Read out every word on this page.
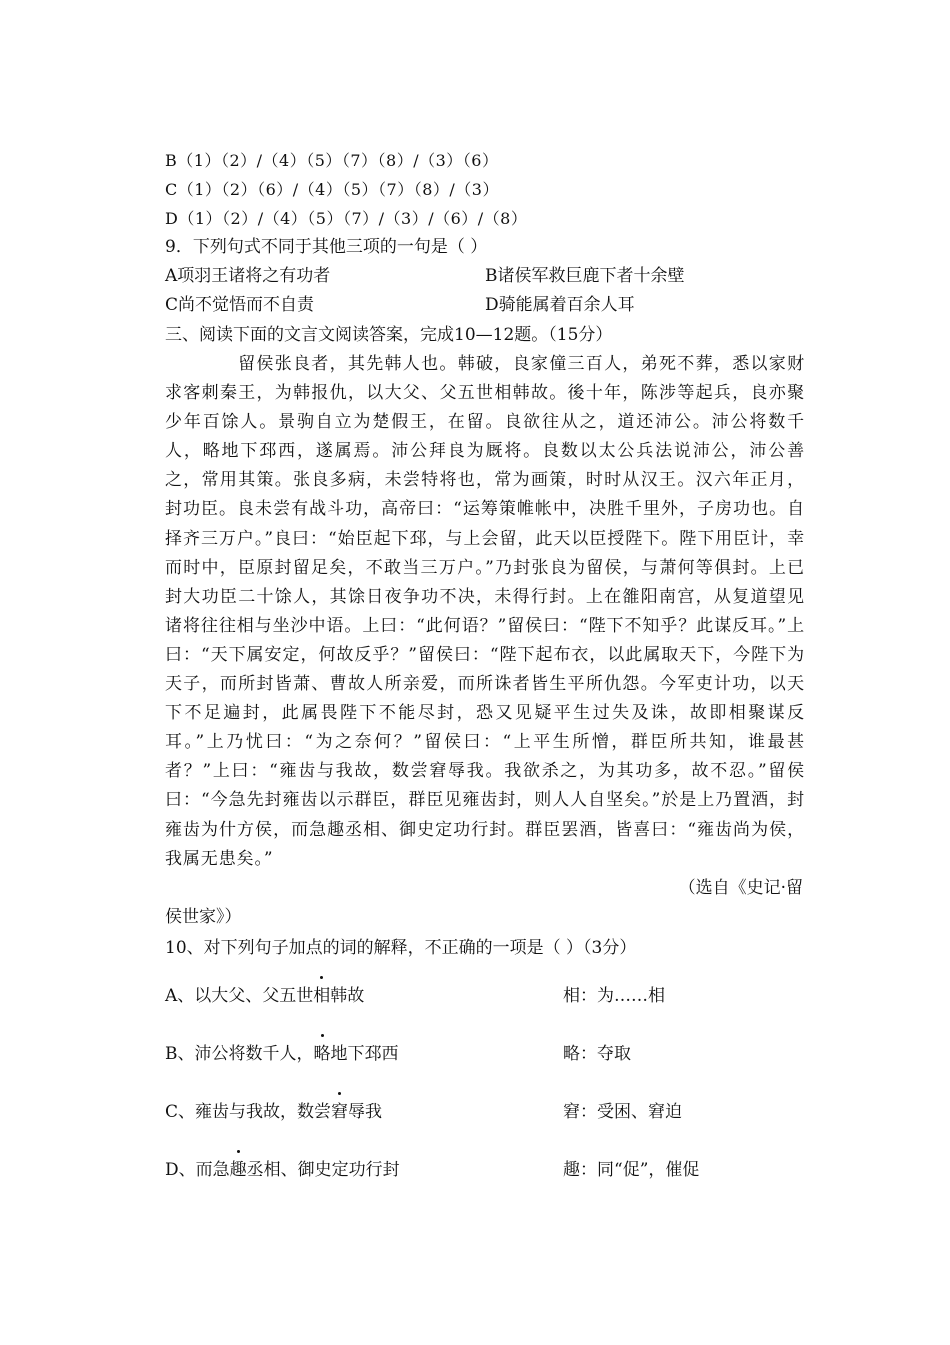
B（1）（2）/（4）（5）（7）（8）/（3）（6）
C（1）（2）（6）/（4）（5）（7）（8）/（3）
D（1）（2）/（4）（5）（7）/（3）/（6）/（8）
9．下列句式不同于其他三项的一句是（ ）
A项羽王诸将之有功者	B诸侯军救巨鹿下者十余壁
C尚不觉悟而不自责	D骑能属着百余人耳
三、阅读下面的文言文阅读答案，完成10—12题。（15分）

留侯张良者，其先韩人也。韩破，良家僮三百人，弟死不葬，悉以家财求客刺秦王，为韩报仇，以大父、父五世相韩故。後十年，陈涉等起兵，良亦聚少年百馀人。景驹自立为楚假王，在留。良欲往从之，道还沛公。沛公将数千人，略地下邳西，遂属焉。沛公拜良为厩将。良数以太公兵法说沛公，沛公善之，常用其策。张良多病，未尝特将也，常为画策，时时从汉王。汉六年正月，封功臣。良未尝有战斗功，高帝曰：“运筹策帷帐中，决胜千里外，子房功也。自择齐三万户。”良曰：“始臣起下邳，与上会留，此天以臣授陛下。陛下用臣计，幸而时中，臣原封留足矣，不敢当三万户。”乃封张良为留侯，与萧何等俱封。上已封大功臣二十馀人，其馀日夜争功不决，未得行封。上在雒阳南宫，从复道望见诸将往往相与坐沙中语。上曰：“此何语？”留侯曰：“陛下不知乎？此谋反耳。”上曰：“天下属安定，何故反乎？”留侯曰：“陛下起布衣，以此属取天下，今陛下为天子，而所封皆萧、曹故人所亲爱，而所诛者皆生平所仇怨。今军吏计功，以天下不足遍封，此属畏陛下不能尽封，恐又见疑平生过失及诛，故即相聚谋反耳。”上乃忧曰：“为之奈何？”留侯曰：“上平生所憎，群臣所共知，谁最甚者？”上曰：“雍齿与我故，数尝窘辱我。我欲杀之，为其功多，故不忍。”留侯曰：“今急先封雍齿以示群臣，群臣见雍齿封，则人人自坚矣。”於是上乃置酒，封雍齿为什方侯，而急趣丞相、御史定功行封。群臣罢酒，皆喜曰：“雍齿尚为侯，我属无患矣。”

（选自《史记·留
侯世家》）
10、对下列句子加点的词的解释，不正确的一项是（ ）（3分）
A、以大父、父五世相韩故	相：为……相
B、沛公将数千人，略地下邳西	略：夺取
C、雍齿与我故，数尝窘辱我	窘：受困、窘迫
D、而急趣丞相、御史定功行封	趣：同“促”，催促
